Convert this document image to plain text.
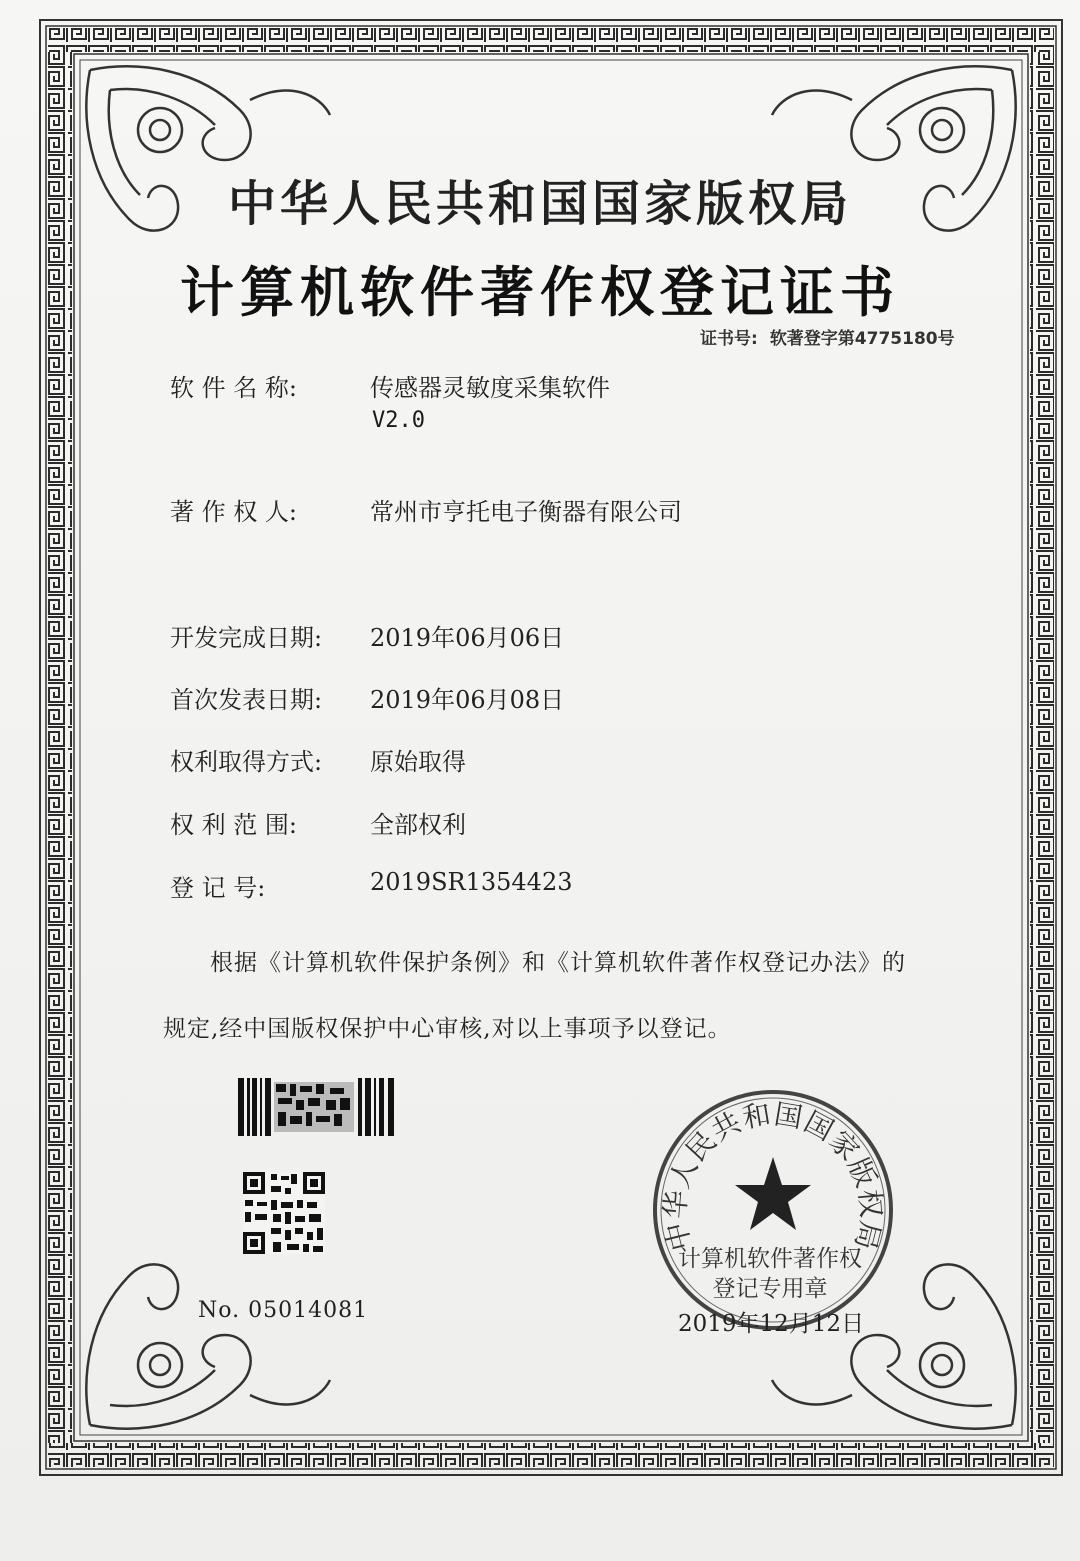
中华人民共和国国家版权局
计算机软件著作权登记证书
证书号: 软著登字第4775180号
软 件 名 称:	传感器灵敏度采集软件
V2.0
著 作 权 人:	常州市亨托电子衡器有限公司
开发完成日期: 2019年06月06日
首次发表日期: 2019年06月08日
权利取得方式: 原始取得
权 利 范 围:	全部权利
登 记 号:	2019SR1354423
根据《计算机软件保护条例》和《计算机软件著作权登记办法》的
规定,经中国版权保护中心审核,对以上事项予以登记。
No. 05014081
中华人民共和国国家版权局
计算机软件著作权
登记专用章
2019年12月12日
